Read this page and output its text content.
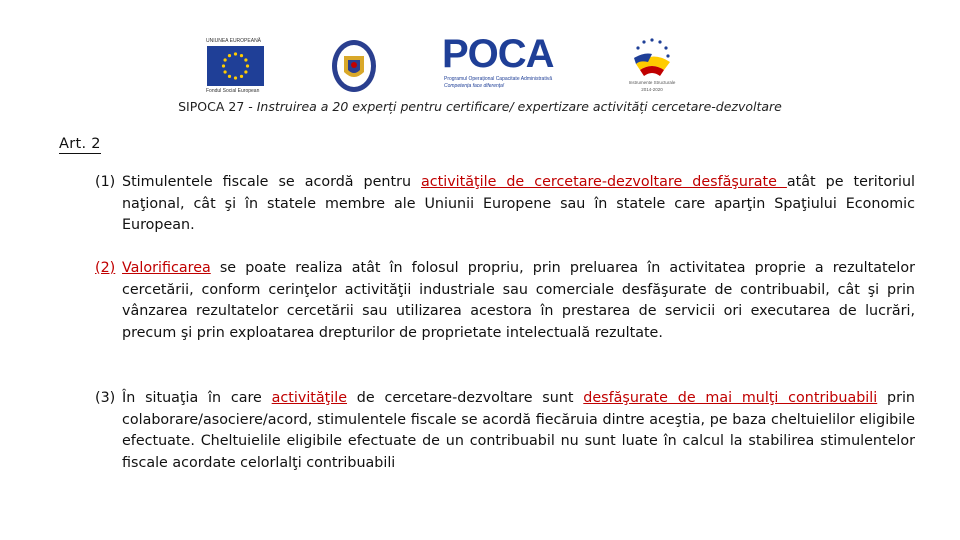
UNIUNEA EUROPEANĂ
Fondul Social European
POCA
Programul Operațional Capacitate Administrativă
Competența face diferența!
Instrumente Structurale
2014-2020
SIPOCA 27 - Instruirea a 20 experți pentru certificare/ expertizare activități cercetare-dezvoltare
Art. 2
(1) Stimulentele fiscale se acordă pentru activităţile de cercetare-dezvoltare desfăşurate atât pe teritoriul naţional, cât şi în statele membre ale Uniunii Europene sau în statele care aparţin Spaţiului Economic European.
(2) Valorificarea se poate realiza atât în folosul propriu, prin preluarea în activitatea proprie a rezultatelor cercetării, conform cerinţelor activităţii industriale sau comerciale desfăşurate de contribuabil, cât şi prin vânzarea rezultatelor cercetării sau utilizarea acestora în prestarea de servicii ori executarea de lucrări, precum şi prin exploatarea drepturilor de proprietate intelectuală rezultate.
(3) În situaţia în care activităţile de cercetare-dezvoltare sunt desfăşurate de mai mulţi contribuabili prin colaborare/asociere/acord, stimulentele fiscale se acordă fiecăruia dintre aceştia, pe baza cheltuielilor eligibile efectuate. Cheltuielile eligibile efectuate de un contribuabil nu sunt luate în calcul la stabilirea stimulentelor fiscale acordate celorlalţi contribuabili
